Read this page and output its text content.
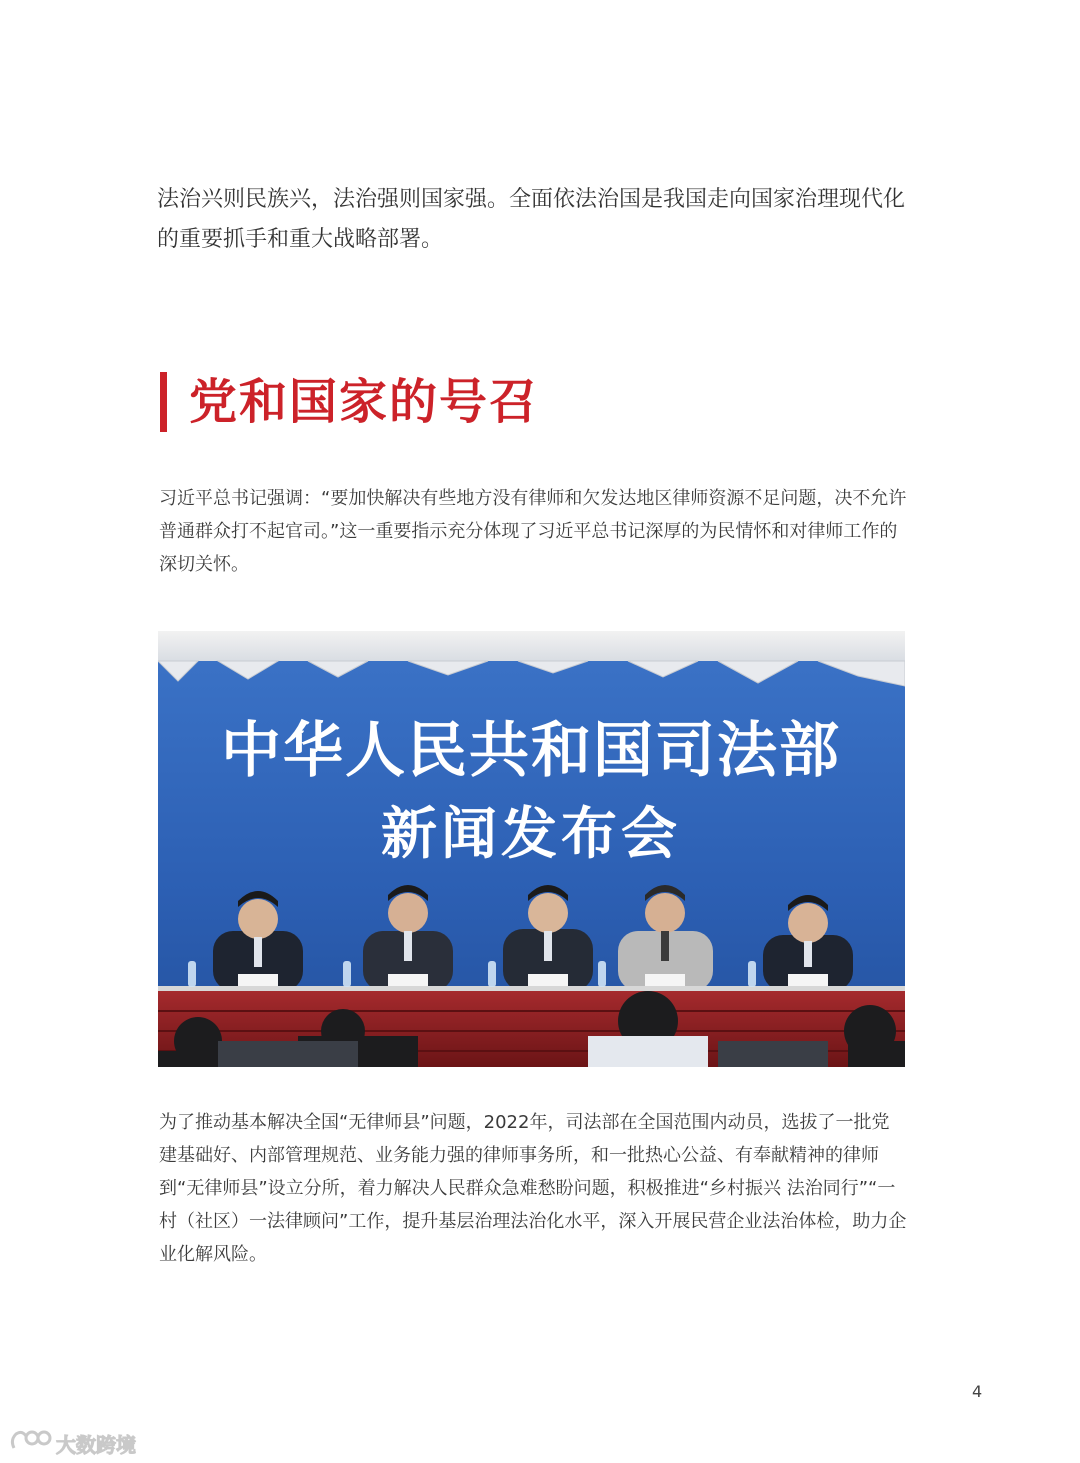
法治兴则民族兴，法治强则国家强。全面依法治国是我国走向国家治理现代化的重要抓手和重大战略部署。

党和国家的号召

习近平总书记强调：“要加快解决有些地方没有律师和欠发达地区律师资源不足问题，决不允许普通群众打不起官司。”这一重要指示充分体现了习近平总书记深厚的为民情怀和对律师工作的深切关怀。

中华人民共和国司法部
新闻发布会

为了推动基本解决全国“无律师县”问题，2022年，司法部在全国范围内动员，选拔了一批党建基础好、内部管理规范、业务能力强的律师事务所，和一批热心公益、有奉献精神的律师到“无律师县”设立分所，着力解决人民群众急难愁盼问题，积极推进“乡村振兴 法治同行”“一村（社区）一法律顾问”工作，提升基层治理法治化水平，深入开展民营企业法治体检，助力企业化解风险。

4
大数跨境
